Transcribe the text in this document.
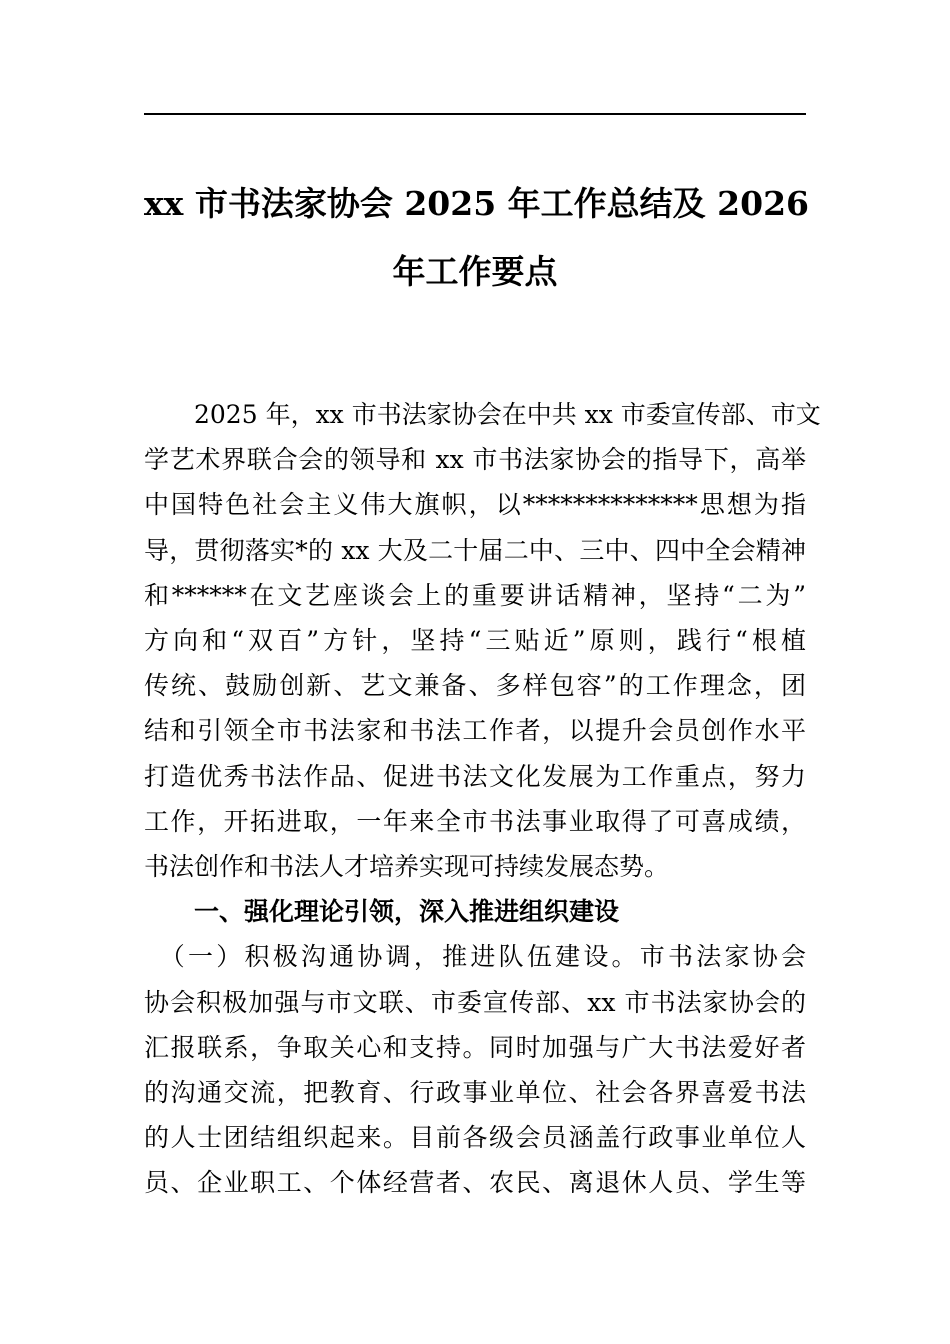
xx 市书法家协会 2025 年工作总结及 2026
年工作要点

　　2025 年，xx 市书法家协会在中共 xx 市委宣传部、市文
学艺术界联合会的领导和 xx 市书法家协会的指导下，高举
中国特色社会主义伟大旗帜，以**************思想为指
导，贯彻落实*的 xx 大及二十届二中、三中、四中全会精神
和******在文艺座谈会上的重要讲话精神，坚持“二为”
方向和“双百”方针，坚持“三贴近”原则，践行“根植
传统、鼓励创新、艺文兼备、多样包容”的工作理念，团
结和引领全市书法家和书法工作者，以提升会员创作水平
打造优秀书法作品、促进书法文化发展为工作重点，努力
工作，开拓进取，一年来全市书法事业取得了可喜成绩，
书法创作和书法人才培养实现可持续发展态势。

一、强化理论引领，深入推进组织建设

　（一）积极沟通协调，推进队伍建设。市书法家协会
协会积极加强与市文联、市委宣传部、xx 市书法家协会的
汇报联系，争取关心和支持。同时加强与广大书法爱好者
的沟通交流，把教育、行政事业单位、社会各界喜爱书法
的人士团结组织起来。目前各级会员涵盖行政事业单位人
员、企业职工、个体经营者、农民、离退休人员、学生等
